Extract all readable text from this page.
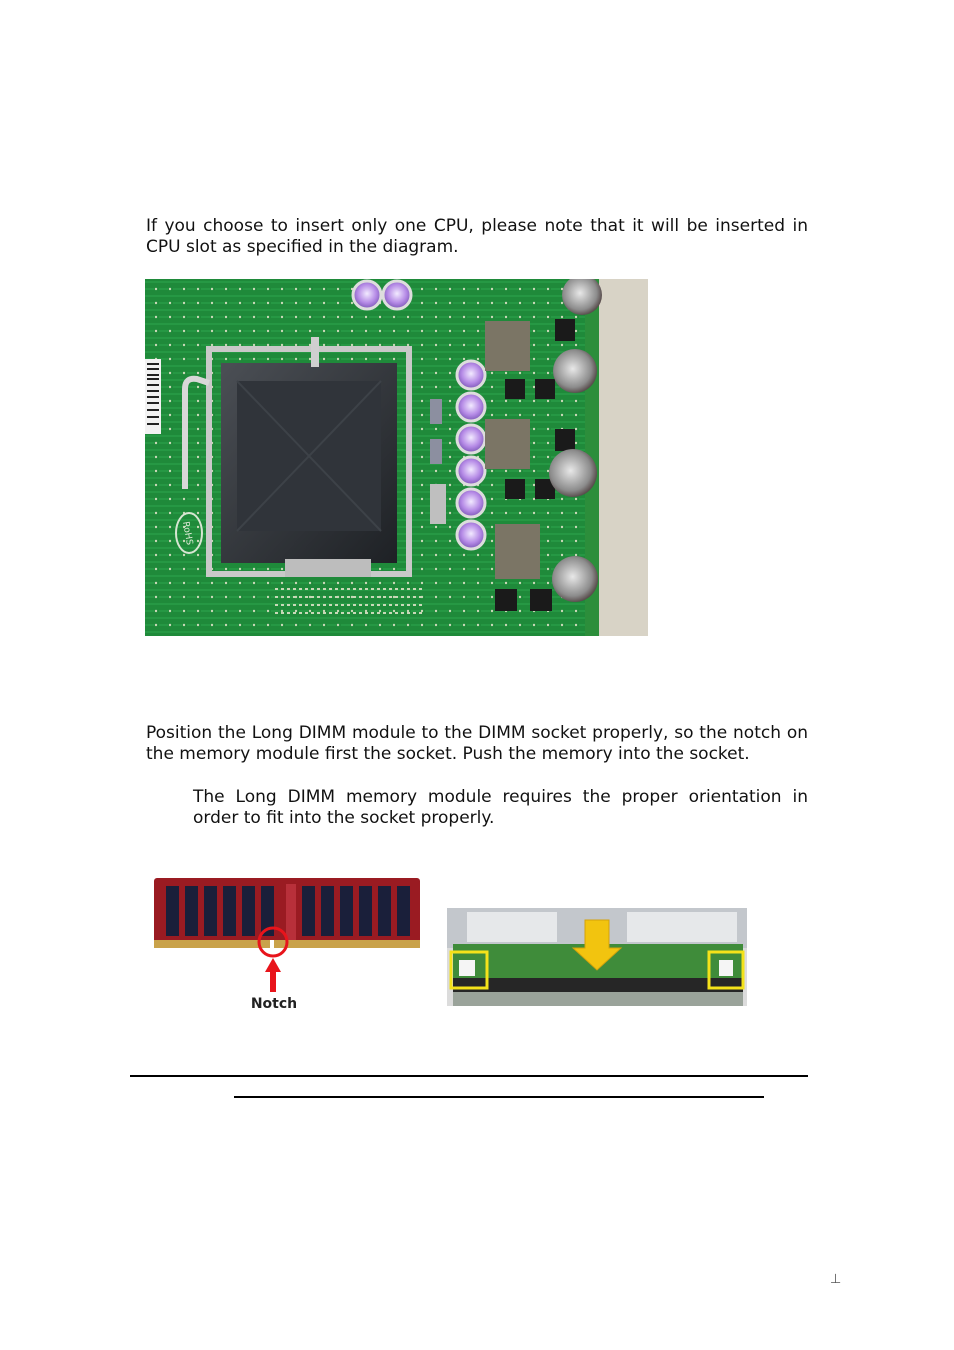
If you choose to insert only one CPU, please note that it will be inserted in CPU slot as specified in the diagram.

RoHS

Position the Long DIMM module to the DIMM socket properly, so the notch on the memory module first the socket. Push the memory into the socket.

The Long DIMM memory module requires the proper orientation in order to fit into the socket properly.

Notch
⊥
